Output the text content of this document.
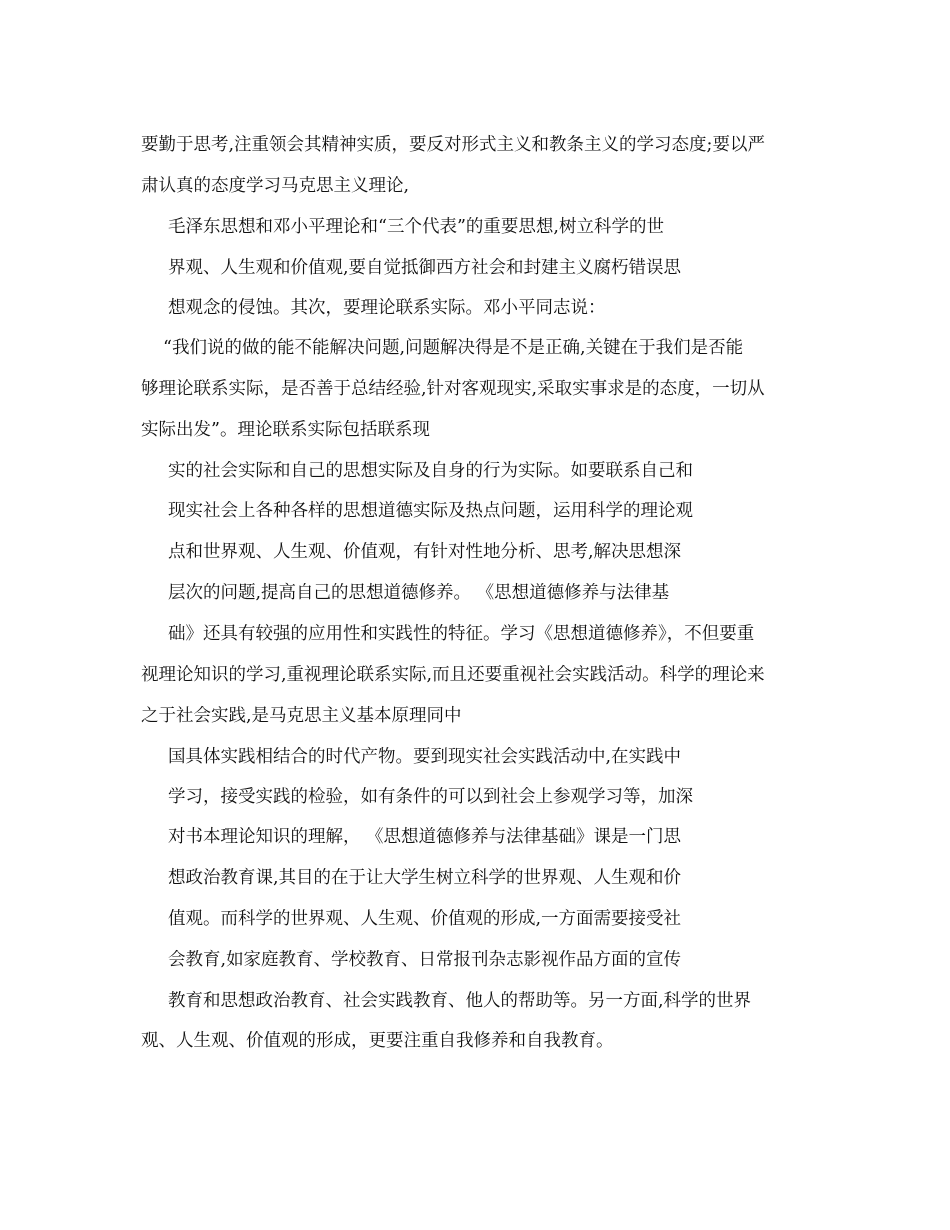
要勤于思考,注重领会其精神实质，要反对形式主义和教条主义的学习态度;要以严
肃认真的态度学习马克思主义理论,
毛泽东思想和邓小平理论和“三个代表”的重要思想,树立科学的世
界观、人生观和价值观,要自觉抵御西方社会和封建主义腐朽错误思
想观念的侵蚀。其次，要理论联系实际。邓小平同志说：
“我们说的做的能不能解决问题,问题解决得是不是正确,关键在于我们是否能
够理论联系实际，是否善于总结经验,针对客观现实,采取实事求是的态度，一切从
实际出发”。理论联系实际包括联系现
实的社会实际和自己的思想实际及自身的行为实际。如要联系自己和
现实社会上各种各样的思想道德实际及热点问题，运用科学的理论观
点和世界观、人生观、价值观，有针对性地分析、思考,解决思想深
层次的问题,提高自己的思想道德修养。 《思想道德修养与法律基
础》还具有较强的应用性和实践性的特征。学习《思想道德修养》，不但要重
视理论知识的学习,重视理论联系实际,而且还要重视社会实践活动。科学的理论来
之于社会实践,是马克思主义基本原理同中
国具体实践相结合的时代产物。要到现实社会实践活动中,在实践中
学习，接受实践的检验，如有条件的可以到社会上参观学习等，加深
对书本理论知识的理解， 《思想道德修养与法律基础》课是一门思
想政治教育课,其目的在于让大学生树立科学的世界观、人生观和价
值观。而科学的世界观、人生观、价值观的形成,一方面需要接受社
会教育,如家庭教育、学校教育、日常报刊杂志影视作品方面的宣传
教育和思想政治教育、社会实践教育、他人的帮助等。另一方面,科学的世界
观、人生观、价值观的形成，更要注重自我修养和自我教育。
